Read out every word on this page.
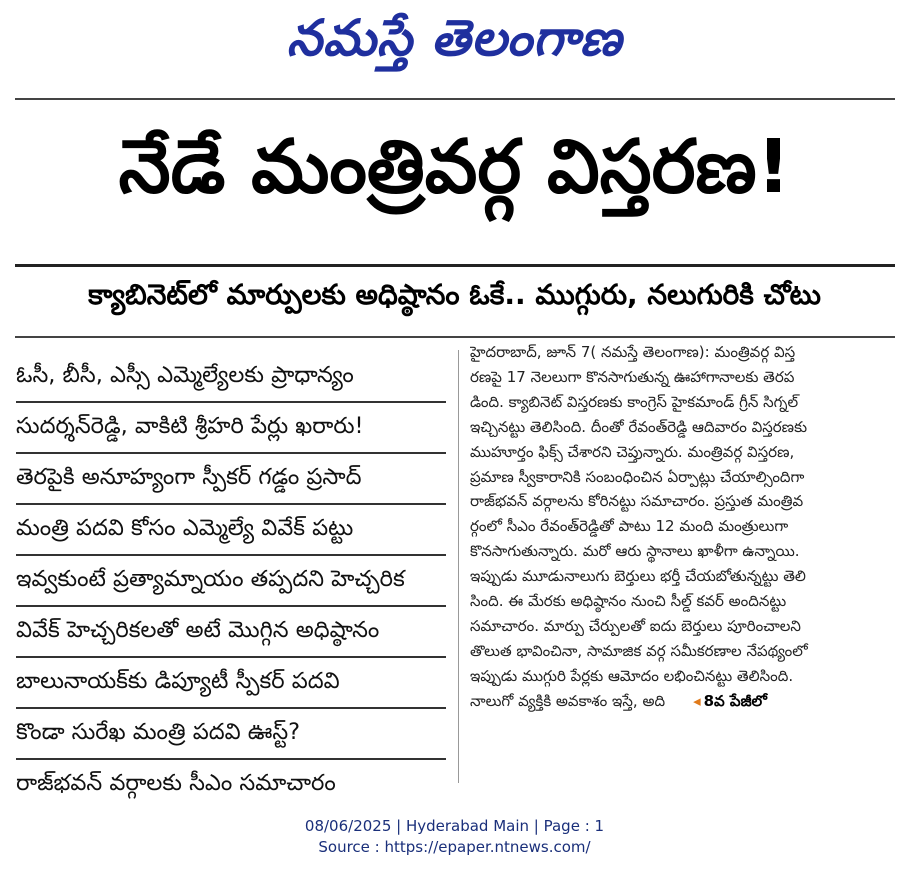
నమస్తే తెలంగాణ
నేడే మంత్రివర్గ విస్తరణ!
క్యాబినెట్‌లో మార్పులకు అధిష్ఠానం ఓకే.. ముగ్గురు, నలుగురికి చోటు
ఓసీ, బీసీ, ఎస్సీ ఎమ్మెల్యేలకు ప్రాధాన్యం
సుదర్శన్‌రెడ్డి, వాకిటి శ్రీహరి పేర్లు ఖరారు!
తెరపైకి అనూహ్యంగా స్పీకర్ గడ్డం ప్రసాద్
మంత్రి పదవి కోసం ఎమ్మెల్యే వివేక్ పట్టు
ఇవ్వకుంటే ప్రత్యామ్నాయం తప్పదని హెచ్చరిక
వివేక్ హెచ్చరికలతో అటే మొగ్గిన అధిష్ఠానం
బాలునాయక్‌కు డిప్యూటీ స్పీకర్ పదవి
కొండా సురేఖ మంత్రి పదవి ఊస్ట్?
రాజ్‌భవన్ వర్గాలకు సీఎం సమాచారం

హైదరాబాద్, జూన్ 7( నమస్తే తెలంగాణ): మంత్రివర్గ విస్త

రణపై 17 నెలలుగా కొనసాగుతున్న ఊహాగానాలకు తెరప

డింది. క్యాబినెట్ విస్తరణకు కాంగ్రెస్ హైకమాండ్ గ్రీన్ సిగ్నల్

ఇచ్చినట్టు తెలిసింది. దీంతో రేవంత్‌రెడ్డి ఆదివారం విస్తరణకు

ముహూర్తం ఫిక్స్ చేశారని చెప్తున్నారు. మంత్రివర్గ విస్తరణ,

ప్రమాణ స్వీకారానికి సంబంధించిన ఏర్పాట్లు చేయాల్సిందిగా

రాజ్‌భవన్ వర్గాలను కోరినట్టు సమాచారం. ప్రస్తుత మంత్రివ

ర్గంలో సీఎం రేవంత్‌రెడ్డితో పాటు 12 మంది మంత్రులుగా

కొనసాగుతున్నారు. మరో ఆరు స్థానాలు ఖాళీగా ఉన్నాయి.

ఇప్పుడు మూడునాలుగు బెర్తులు భర్తీ చేయబోతున్నట్టు తెలి

సింది. ఈ మేరకు అధిష్ఠానం నుంచి సీల్డ్ కవర్ అందినట్టు

సమాచారం. మార్పు చేర్పులతో ఐదు బెర్తులు పూరించాలని

తొలుత భావించినా, సామాజిక వర్గ సమీకరణాల నేపథ్యంలో

ఇప్పుడు ముగ్గురి పేర్లకు ఆమోదం లభించినట్టు తెలిసింది.

నాలుగో వ్యక్తికి అవకాశం ఇస్తే, అది ◂ 8వ పేజీలో

08/06/2025 | Hyderabad Main | Page : 1
Source : https://epaper.ntnews.com/
